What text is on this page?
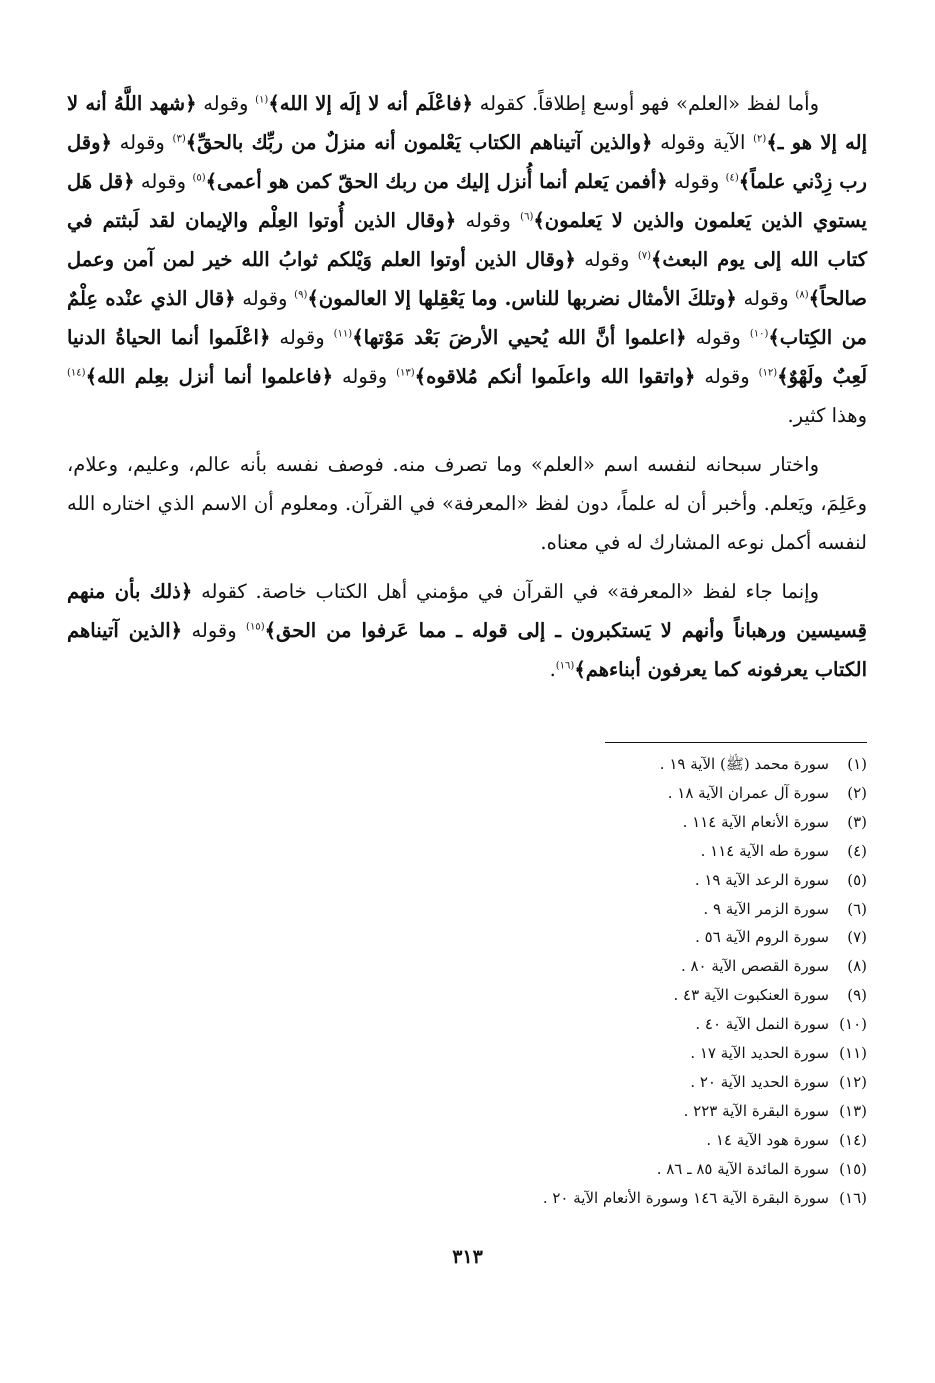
وأما لفظ «العلم» فهو أوسع إطلاقاً. كقوله ﴿فاعْلَم أنه لا إلَه إلا الله﴾$^{(١)}$ وقوله ﴿شهد اللَّهُ أنه لا إله إلا هو ـ﴾$^{(٢)}$ الآية وقوله ﴿والذين آتيناهم الكتاب يَعْلمون أنه منزلٌ من ربِّك بالحقِّ﴾$^{(٣)}$ وقوله ﴿وقل رب زِدْني علماً﴾$^{(٤)}$ وقوله ﴿أفمن يَعلم أنما أُنزل إليك من ربك الحقّ كمن هو أعمى﴾$^{(٥)}$ وقوله ﴿قل هَل يستوي الذين يَعلمون والذين لا يَعلمون﴾$^{(٦)}$ وقوله ﴿وقال الذين أُوتوا العِلْم والإيمان لقد لَبثتم في كتاب الله إلى يوم البعث﴾$^{(٧)}$ وقوله ﴿وقال الذين أوتوا العلم وَيْلكم ثوابُ الله خير لمن آمن وعمل صالحاً﴾$^{(٨)}$ وقوله ﴿وتلكَ الأمثال نضربها للناس. وما يَعْقِلها إلا العالمون﴾$^{(٩)}$ وقوله ﴿قال الذي عنْده عِلْمٌ من الكِتاب﴾$^{(١٠)}$ وقوله ﴿اعلموا أنَّ الله يُحيي الأرضَ بَعْد مَوْتها﴾$^{(١١)}$ وقوله ﴿اعْلَموا أنما الحياةُ الدنيا لَعِبٌ ولَهْوٌ﴾$^{(١٢)}$ وقوله ﴿واتقوا الله واعلَموا أنكم مُلاقوه﴾$^{(١٣)}$ وقوله ﴿فاعلموا أنما أنزل بعِلم الله﴾$^{(١٤)}$ وهذا كثير.

واختار سبحانه لنفسه اسم «العلم» وما تصرف منه. فوصف نفسه بأنه عالم، وعليم، وعلام، وعَلِمَ، ويَعلم. وأخبر أن له علماً، دون لفظ «المعرفة» في القرآن. ومعلوم أن الاسم الذي اختاره الله لنفسه أكمل نوعه المشارك له في معناه.

وإنما جاء لفظ «المعرفة» في القرآن في مؤمني أهل الكتاب خاصة. كقوله ﴿ذلك بأن منهم قِسيسين ورهباناً وأنهم لا يَستكبرون ـ إلى قوله ـ مما عَرفوا من الحق﴾$^{(١٥)}$ وقوله ﴿الذين آتيناهم الكتاب يعرفونه كما يعرفون أبناءهم﴾$^{(١٦)}$.

(١)سورة محمد (ﷺ) الآية ١٩ .
(٢)سورة آل عمران الآية ١٨ .
(٣)سورة الأنعام الآية ١١٤ .
(٤)سورة طه الآية ١١٤ .
(٥)سورة الرعد الآية ١٩ .
(٦)سورة الزمر الآية ٩ .
(٧)سورة الروم الآية ٥٦ .
(٨)سورة القصص الآية ٨٠ .
(٩)سورة العنكبوت الآية ٤٣ .
(١٠)سورة النمل الآية ٤٠ .
(١١)سورة الحديد الآية ١٧ .
(١٢)سورة الحديد الآية ٢٠ .
(١٣)سورة البقرة الآية ٢٢٣ .
(١٤)سورة هود الآية ١٤ .
(١٥)سورة المائدة الآية ٨٥ ـ ٨٦ .
(١٦)سورة البقرة الآية ١٤٦ وسورة الأنعام الآية ٢٠ .
٣١٣
